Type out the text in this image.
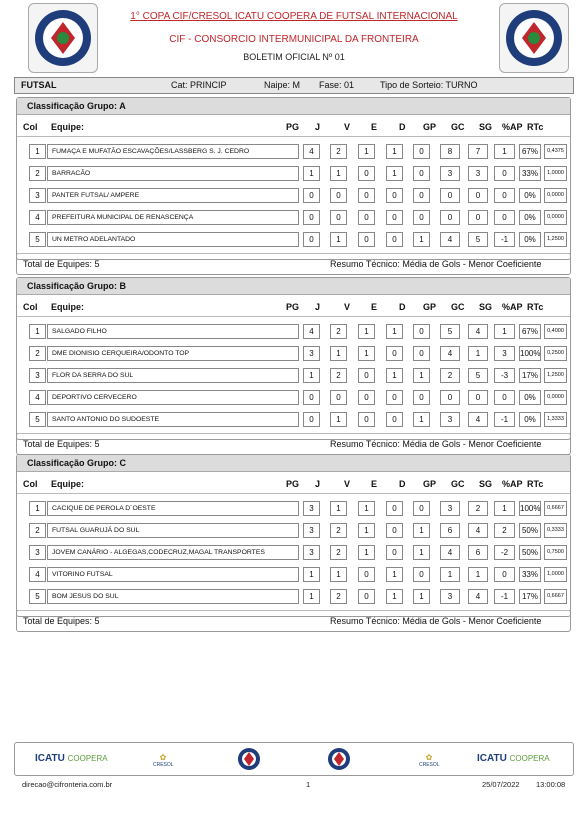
1° COPA CIF/CRESOL ICATU COOPERA DE FUTSAL INTERNACIONAL
CIF - CONSORCIO INTERMUNICIPAL DA FRONTEIRA
BOLETIM OFICIAL Nº 01
FUTSAL	Cat: PRINCIP	Naipe: M Fase: 01	Tipo de Sorteio: TURNO
Classificação Grupo: A
Col Equipe:	PG J	V E D GP GC SG %AP RTc
1	FUMAÇA E MUFATÃO ESCAVAÇÕES/LASSBERG S. J. CEDRO	4	2	1	1	0	8	7	1	67%	0,4375
2	BARRACÃO	1	1	0	1	0	3	3	0	33%	1,0000
3	PANTER FUTSAL/ AMPERE	0	0	0	0	0	0	0	0	0%	0,0000
4	PREFEITURA MUNICIPAL DE RENASCENÇA	0	0	0	0	0	0	0	0	0%	0,0000
5	UN METRO ADELANTADO	0	1	0	0	1	4	5	-1	0%	1,2500
Total de Equipes: 5	Resumo Técnico: Média de Gols - Menor Coeficiente
Classificação Grupo: B
Col Equipe:	PG J	V E D GP GC SG %AP RTc
1	SALGADO FILHO	4	2	1	1	0	5	4	1	67%	0,4000
2	DME DIONISIO CERQUEIRA/ODONTO TOP	3	1	1	0	0	4	1	3	100%	0,2500
3	FLOR DA SERRA DO SUL	1	2	0	1	1	2	5	-3	17%	1,2500
4	DEPORTIVO CERVECERO	0	0	0	0	0	0	0	0	0%	0,0000
5	SANTO ANTONIO DO SUDOESTE	0	1	0	0	1	3	4	-1	0%	1,3333
Total de Equipes: 5	Resumo Técnico: Média de Gols - Menor Coeficiente
Classificação Grupo: C
Col Equipe:	PG J	V E D GP GC SG %AP RTc
1	CACIQUE DE PEROLA D´OESTE	3	1	1	0	0	3	2	1	100%	0,6667
2	FUTSAL GUARUJÁ DO SUL	3	2	1	0	1	6	4	2	50%	0,3333
3	JOVEM CANÁRIO - ALGEGAS,CODECRUZ,MAGAL TRANSPORTES	3	2	1	0	1	4	6	-2	50%	0,7500
4	VITORINO FUTSAL	1	1	0	1	0	1	1	0	33%	1,0000
5	BOM JESUS DO SUL	1	2	0	1	1	3	4	-1	17%	0,6667
Total de Equipes: 5	Resumo Técnico: Média de Gols - Menor Coeficiente
ICATU COOPERA	✿
CRESOL
✿
CRESOL
ICATU COOPERA
direcao@cifronteria.com.br	1	25/07/2022 13:00:08
